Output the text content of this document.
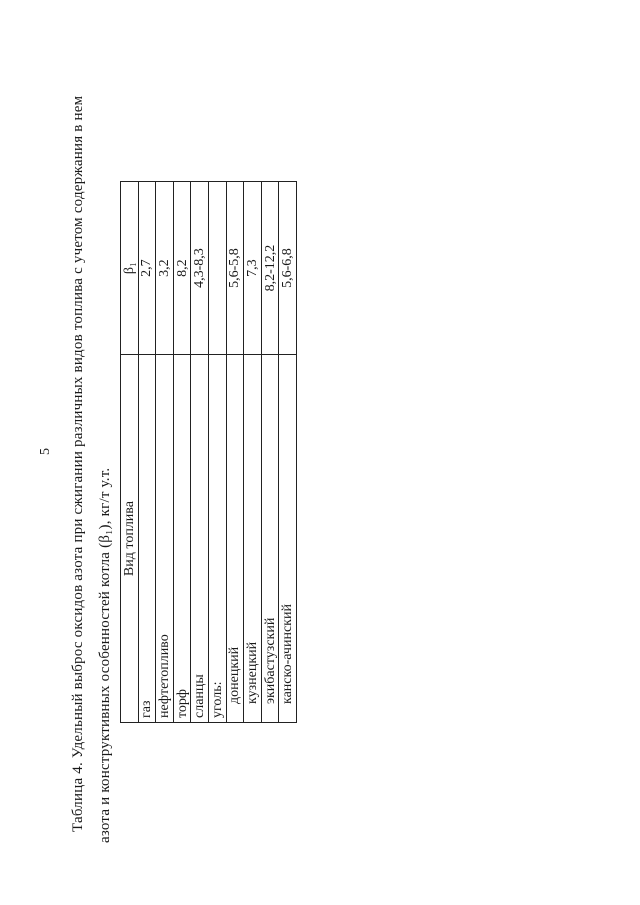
5 Таблица 4. Удельный выброс оксидов азота при сжигании различных видов топлива с учетом содержания в нем азота и конструктивных особенностей котла (β₁), кг/т у.т. Вид топлива	β₁
газ	2,7
нефтетопливо	3,2
торф	8,2
сланцы	4,3-8,3
уголь:	
донецкий	5,6-5,8
кузнецкий	7,3
экибастузский	8,2-12,2
канско-ачинский	5,6-6,8
